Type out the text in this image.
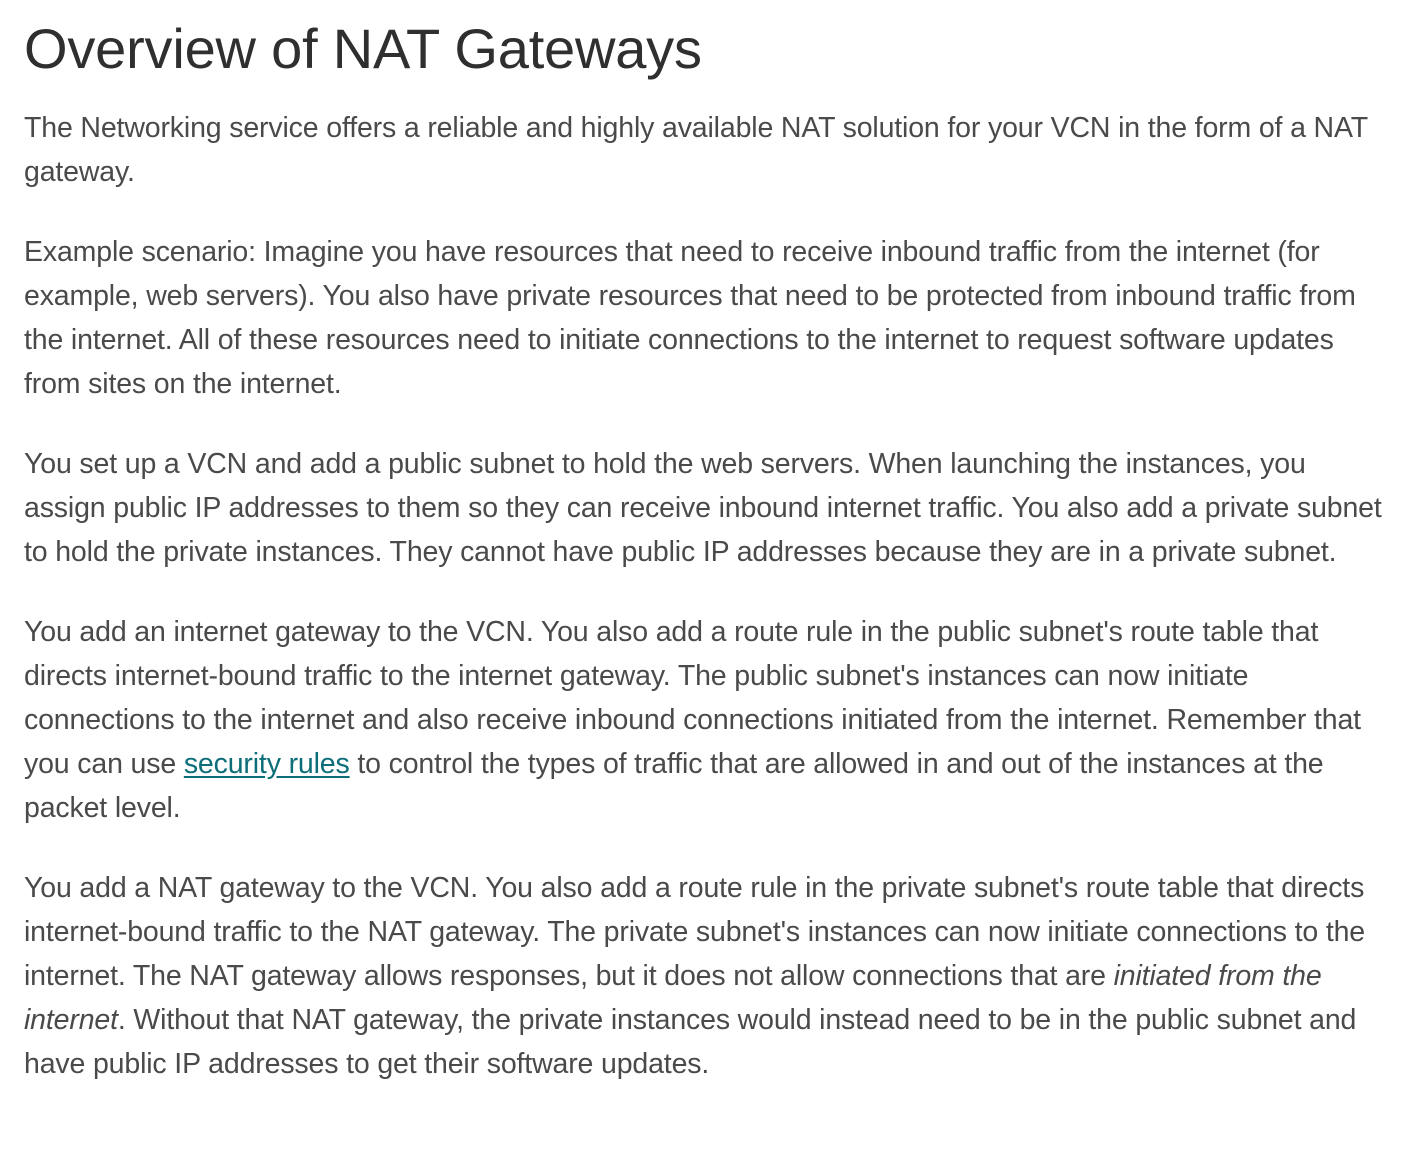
Overview of NAT Gateways

The Networking service offers a reliable and highly available NAT solution for your VCN in the form of a NAT gateway.

Example scenario: Imagine you have resources that need to receive inbound traffic from the internet (for example, web servers). You also have private resources that need to be protected from inbound traffic from the internet. All of these resources need to initiate connections to the internet to request software updates from sites on the internet.

You set up a VCN and add a public subnet to hold the web servers. When launching the instances, you assign public IP addresses to them so they can receive inbound internet traffic. You also add a private subnet to hold the private instances. They cannot have public IP addresses because they are in a private subnet.

You add an internet gateway to the VCN. You also add a route rule in the public subnet's route table that directs internet-bound traffic to the internet gateway. The public subnet's instances can now initiate connections to the internet and also receive inbound connections initiated from the internet. Remember that you can use security rules to control the types of traffic that are allowed in and out of the instances at the packet level.

You add a NAT gateway to the VCN. You also add a route rule in the private subnet's route table that directs internet-bound traffic to the NAT gateway. The private subnet's instances can now initiate connections to the internet. The NAT gateway allows responses, but it does not allow connections that are initiated from the internet. Without that NAT gateway, the private instances would instead need to be in the public subnet and have public IP addresses to get their software updates.
